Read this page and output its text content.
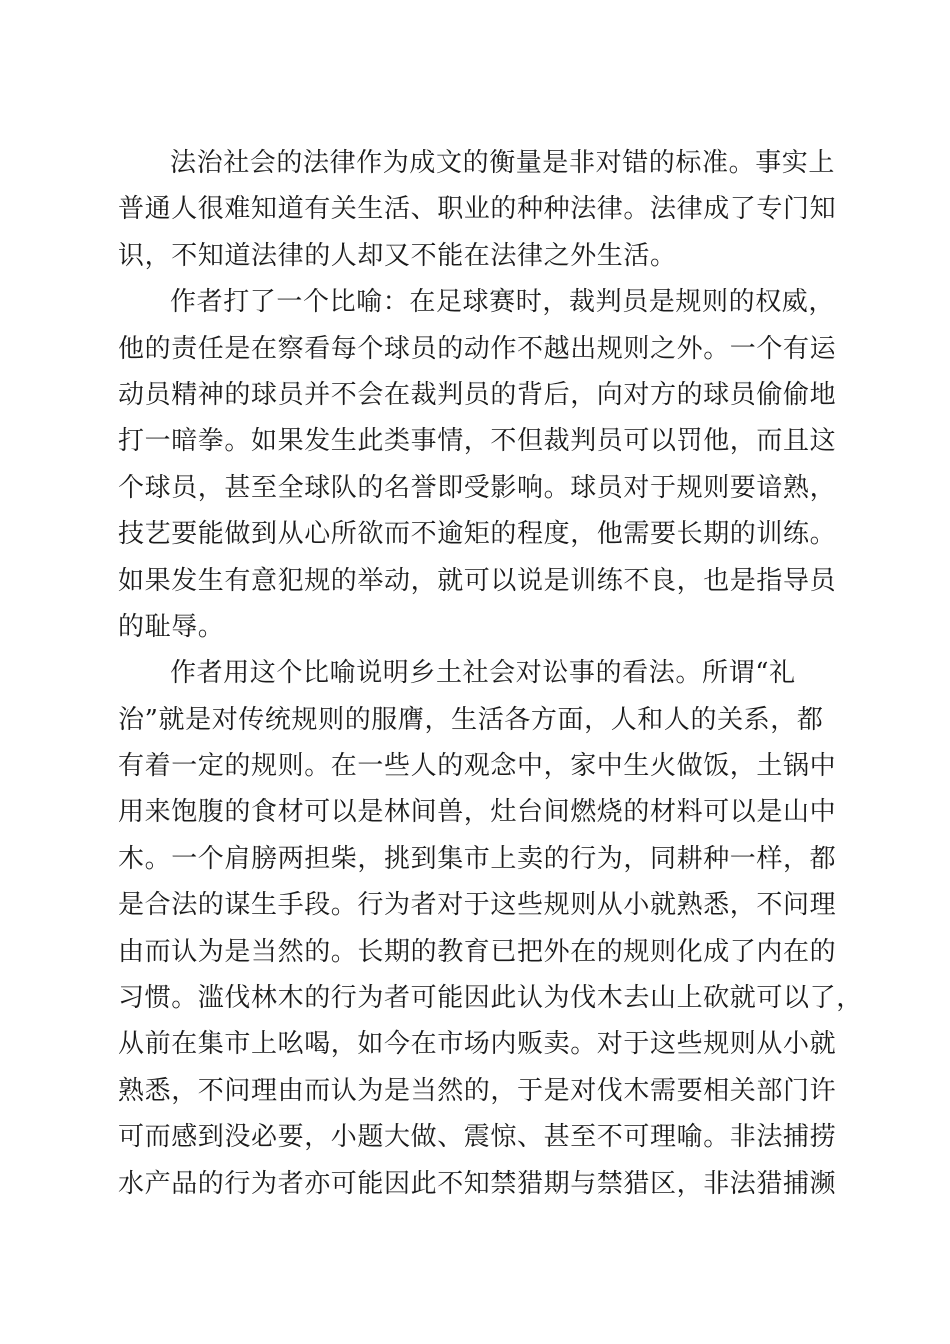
法治社会的法律作为成文的衡量是非对错的标准。事实上
普通人很难知道有关生活、职业的种种法律。法律成了专门知
识，不知道法律的人却又不能在法律之外生活。
作者打了一个比喻：在足球赛时，裁判员是规则的权威，
他的责任是在察看每个球员的动作不越出规则之外。一个有运
动员精神的球员并不会在裁判员的背后，向对方的球员偷偷地
打一暗拳。如果发生此类事情，不但裁判员可以罚他，而且这
个球员，甚至全球队的名誉即受影响。球员对于规则要谙熟，
技艺要能做到从心所欲而不逾矩的程度，他需要长期的训练。
如果发生有意犯规的举动，就可以说是训练不良，也是指导员
的耻辱。
作者用这个比喻说明乡土社会对讼事的看法。所谓“礼
治”就是对传统规则的服膺，生活各方面，人和人的关系，都
有着一定的规则。在一些人的观念中，家中生火做饭，土锅中
用来饱腹的食材可以是林间兽，灶台间燃烧的材料可以是山中
木。一个肩膀两担柴，挑到集市上卖的行为，同耕种一样，都
是合法的谋生手段。行为者对于这些规则从小就熟悉，不问理
由而认为是当然的。长期的教育已把外在的规则化成了内在的
习惯。滥伐林木的行为者可能因此认为伐木去山上砍就可以了，
从前在集市上吆喝，如今在市场内贩卖。对于这些规则从小就
熟悉，不问理由而认为是当然的，于是对伐木需要相关部门许
可而感到没必要，小题大做、震惊、甚至不可理喻。非法捕捞
水产品的行为者亦可能因此不知禁猎期与禁猎区，非法猎捕濒
